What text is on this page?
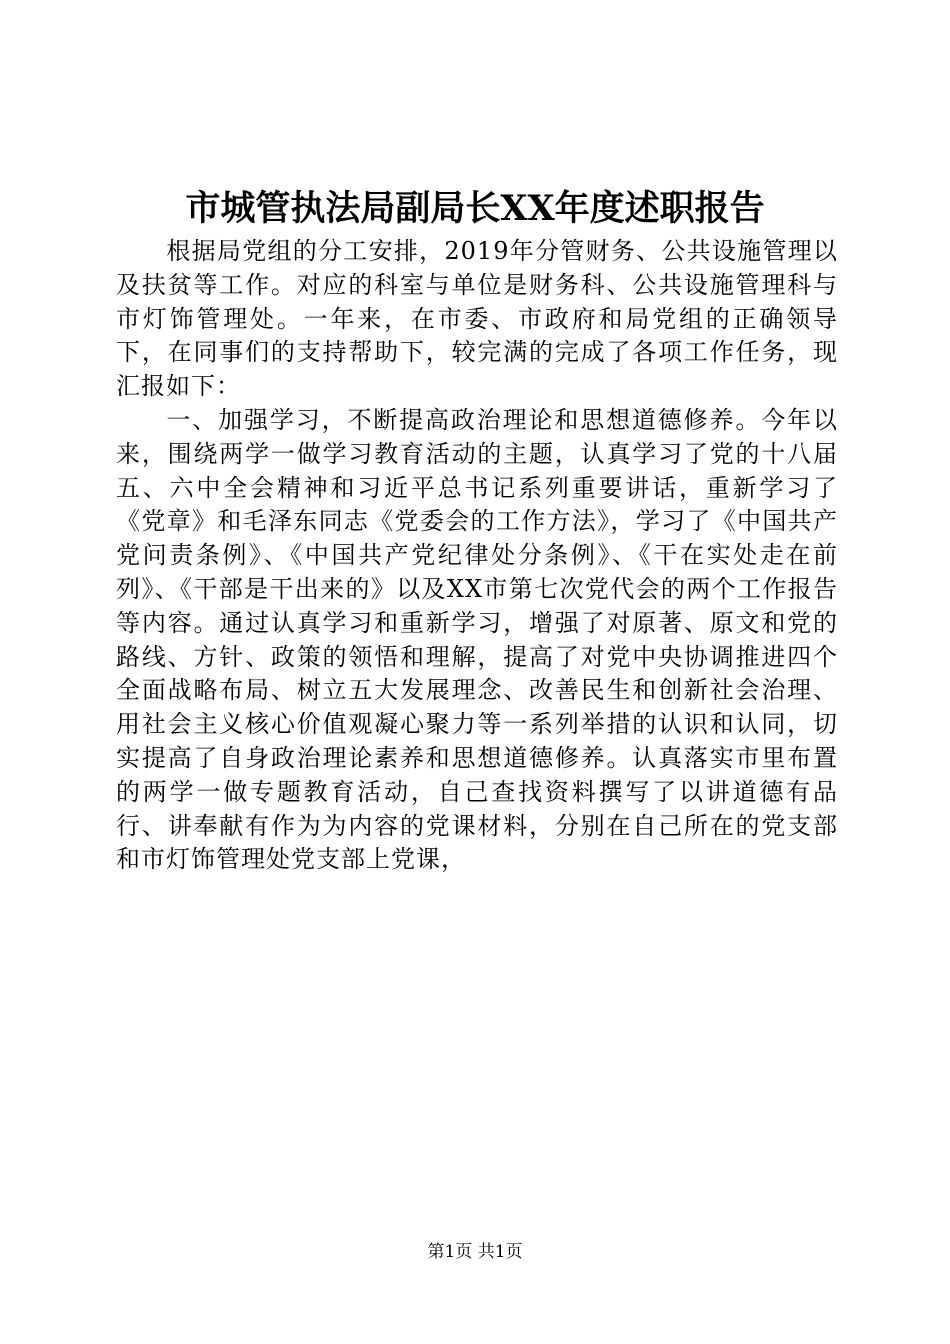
市城管执法局副局长XX年度述职报告

根据局党组的分工安排，2019年分管财务、公共设施管理以及扶贫等工作。对应的科室与单位是财务科、公共设施管理科与市灯饰管理处。一年来，在市委、市政府和局党组的正确领导下，在同事们的支持帮助下，较完满的完成了各项工作任务，现汇报如下：

一、加强学习，不断提高政治理论和思想道德修养。今年以来，围绕两学一做学习教育活动的主题，认真学习了党的十八届五、六中全会精神和习近平总书记系列重要讲话，重新学习了《党章》和毛泽东同志《党委会的工作方法》，学习了《中国共产党问责条例》、《中国共产党纪律处分条例》、《干在实处走在前列》、《干部是干出来的》以及XX市第七次党代会的两个工作报告等内容。通过认真学习和重新学习，增强了对原著、原文和党的路线、方针、政策的领悟和理解，提高了对党中央协调推进四个全面战略布局、树立五大发展理念、改善民生和创新社会治理、用社会主义核心价值观凝心聚力等一系列举措的认识和认同，切实提高了自身政治理论素养和思想道德修养。认真落实市里布置的两学一做专题教育活动，自己查找资料撰写了以讲道德有品行、讲奉献有作为为内容的党课材料，分别在自己所在的党支部和市灯饰管理处党支部上党课，

第1页 共1页
